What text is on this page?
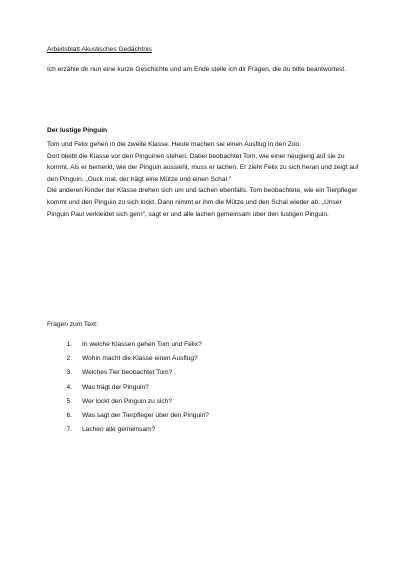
Arbeitsblatt Akustisches Gedächtnis
Ich erzähle dir nun eine kurze Geschichte und am Ende stelle ich dir Fragen, die du bitte beantwortest.
Der lustige Pinguin

Tom und Felix gehen in die zweite Klasse. Heute machen sie einen Ausflug in den Zoo.

Dort bleibt die Klasse vor den Pinguinen stehen. Dabei beobachtet Tom, wie einer neugierig auf sie zu kommt. Als er bemerkt, wie der Pinguin aussieht, muss er lachen. Er zieht Felix zu sich heran und zeigt auf den Pinguin. „Guck mal, der trägt eine Mütze und einen Schal.“

Die anderen Kinder der Klasse drehen sich um und lachen ebenfalls. Tom beobachtete, wie ein Tierpfleger kommt und den Pinguin zu sich lockt. Dann nimmt er ihm die Mütze und den Schal wieder ab. „Unser Pinguin Paul verkleidet sich gern“, sagt er und alle lachen gemeinsam über den lustigen Pinguin.

Fragen zum Text:
1.	In welche Klassen gehen Tom und Felix?
2.	Wohin macht die Klasse einen Ausflug?
3.	Welches Tier beobachtet Tom?
4.	Was trägt der Pinguin?
5.	Wer lockt den Pinguin zu sich?
6.	Was sagt der Tierpfleger über den Pinguin?
7.	Lachen alle gemeinsam?
